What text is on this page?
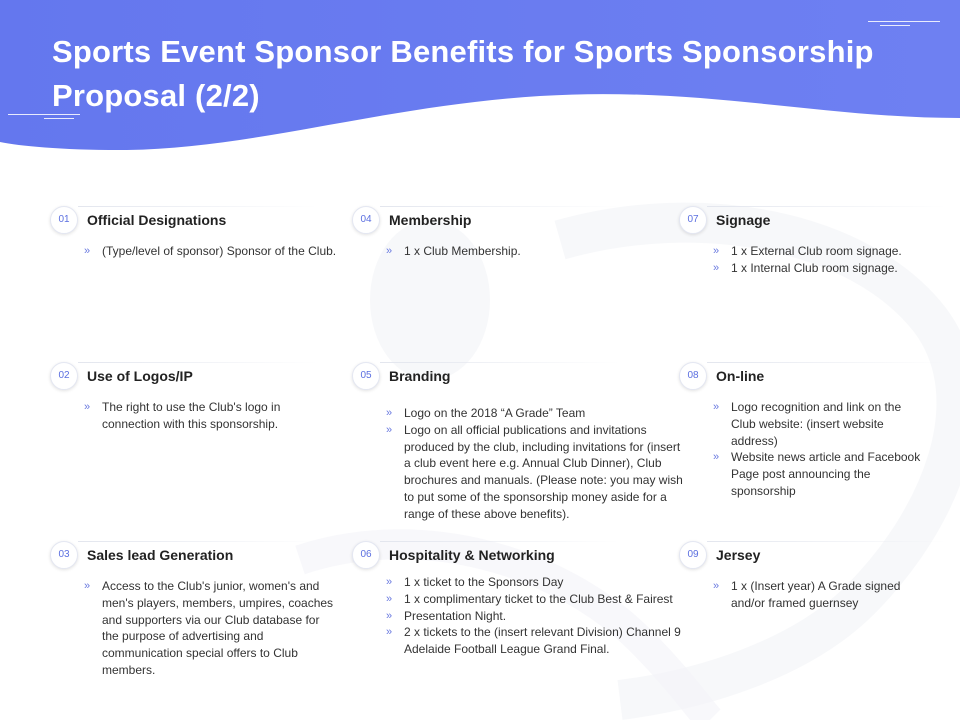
Sports Event Sponsor Benefits for Sports Sponsorship Proposal (2/2)
01	Official Designations
» (Type/level of sponsor) Sponsor of the Club.
02	Use of Logos/IP
» The right to use the Club's logo in connection with this sponsorship.
03	Sales lead Generation
» Access to the Club's junior, women's and men's players, members, umpires, coaches and supporters via our Club database for the purpose of advertising and communication special offers to Club members.
04	Membership
» 1 x Club Membership.
05	Branding
» Logo on the 2018 “A Grade” Team
» Logo on all official publications and invitations produced by the club, including invitations for (insert a club event here e.g. Annual Club Dinner), Club brochures and manuals. (Please note: you may wish to put some of the sponsorship money aside for a range of these above benefits).
06	Hospitality & Networking
» 1 x ticket to the Sponsors Day
» 1 x complimentary ticket to the Club Best & Fairest
» Presentation Night.
» 2 x tickets to the (insert relevant Division) Channel 9 Adelaide Football League Grand Final.
07	Signage
» 1 x External Club room signage.
» 1 x Internal Club room signage.
08	On-line
» Logo recognition and link on the Club website: (insert website address)
» Website news article and Facebook Page post announcing the sponsorship
09	Jersey
» 1 x (Insert year) A Grade signed and/or framed guernsey
